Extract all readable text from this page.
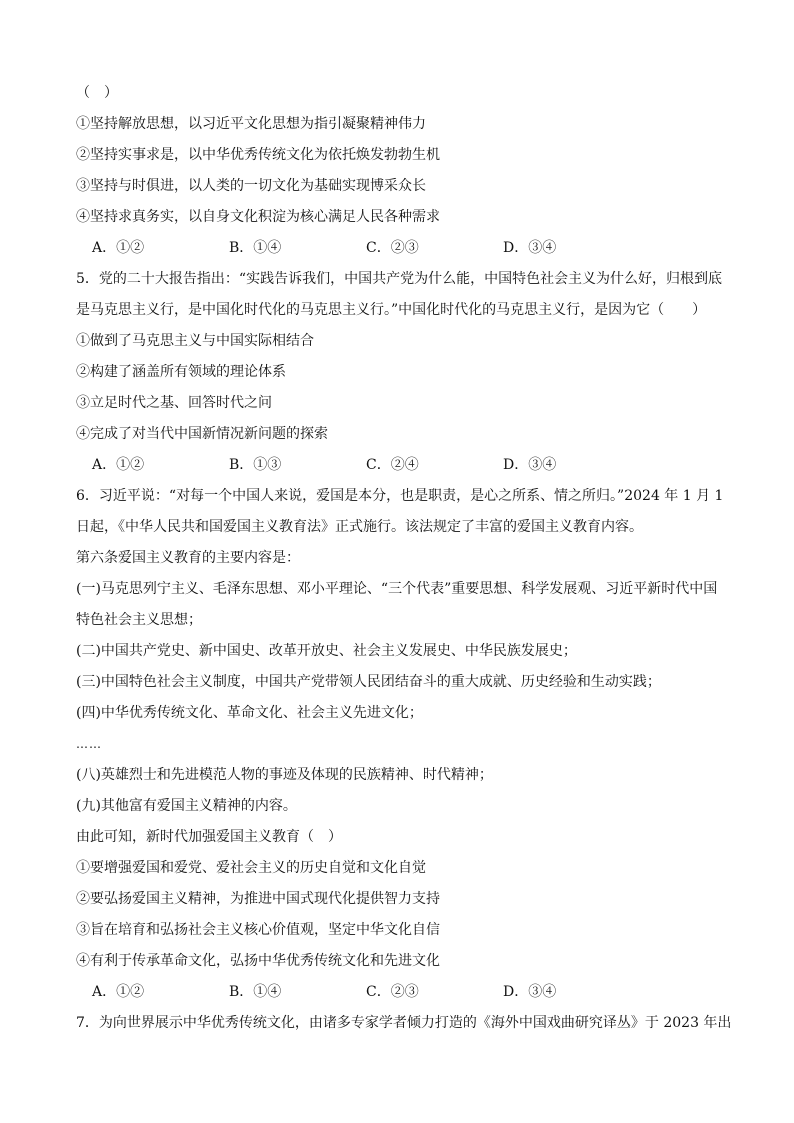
（　）
①坚持解放思想，以习近平文化思想为指引凝聚精神伟力
②坚持实事求是，以中华优秀传统文化为依托焕发勃勃生机
③坚持与时俱进，以人类的一切文化为基础实现博采众长
④坚持求真务实，以自身文化积淀为核心满足人民各种需求
A．①②	B．①④	C．②③	D．③④
5．党的二十大报告指出：“实践告诉我们，中国共产党为什么能，中国特色社会主义为什么好，归根到底
是马克思主义行，是中国化时代化的马克思主义行。”中国化时代化的马克思主义行，是因为它（　　）
①做到了马克思主义与中国实际相结合
②构建了涵盖所有领域的理论体系
③立足时代之基、回答时代之问
④完成了对当代中国新情况新问题的探索
A．①②	B．①③	C．②④	D．③④
6．习近平说：“对每一个中国人来说，爱国是本分，也是职责，是心之所系、情之所归。”2024 年 1 月 1
日起，《中华人民共和国爱国主义教育法》正式施行。该法规定了丰富的爱国主义教育内容。
第六条爱国主义教育的主要内容是：
(一)马克思列宁主义、毛泽东思想、邓小平理论、“三个代表”重要思想、科学发展观、习近平新时代中国
特色社会主义思想；
(二)中国共产党史、新中国史、改革开放史、社会主义发展史、中华民族发展史；
(三)中国特色社会主义制度，中国共产党带领人民团结奋斗的重大成就、历史经验和生动实践；
(四)中华优秀传统文化、革命文化、社会主义先进文化；
……
(八)英雄烈士和先进模范人物的事迹及体现的民族精神、时代精神；
(九)其他富有爱国主义精神的内容。
由此可知，新时代加强爱国主义教育（　）
①要增强爱国和爱党、爱社会主义的历史自觉和文化自觉
②要弘扬爱国主义精神，为推进中国式现代化提供智力支持
③旨在培育和弘扬社会主义核心价值观，坚定中华文化自信
④有利于传承革命文化，弘扬中华优秀传统文化和先进文化
A．①②	B．①④	C．②③	D．③④
7．为向世界展示中华优秀传统文化，由诸多专家学者倾力打造的《海外中国戏曲研究译丛》于 2023 年出
